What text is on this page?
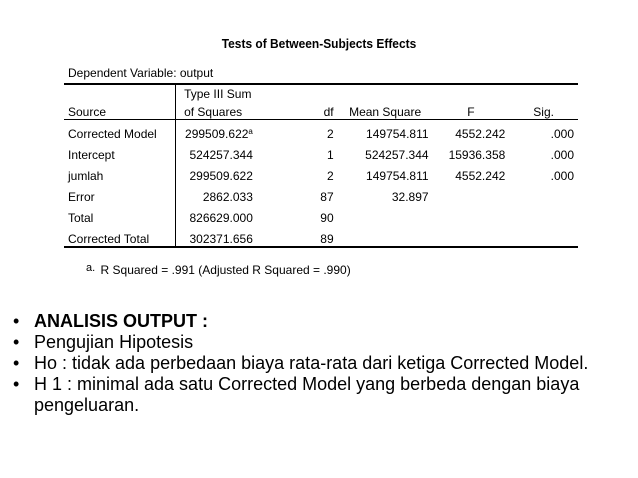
Tests of Between-Subjects Effects
Dependent Variable: output
	Type III Sum				
Source	of Squares	df	Mean Square	F	Sig.
Corrected Model	299509.622$^a$	2	149754.811	4552.242	.000
Intercept	524257.344	1	524257.344	15936.358	.000
jumlah	299509.622	2	149754.811	4552.242	.000
Error	2862.033	87	32.897		
Total	826629.000	90			
Corrected Total	302371.656	89			
a. R Squared = .991 (Adjusted R Squared = .990)
• ANALISIS OUTPUT :
• Pengujian Hipotesis
• Ho : tidak ada perbedaan biaya rata-rata dari ketiga Corrected Model.
• H 1 : minimal ada satu Corrected Model yang berbeda dengan biaya pengeluaran.
